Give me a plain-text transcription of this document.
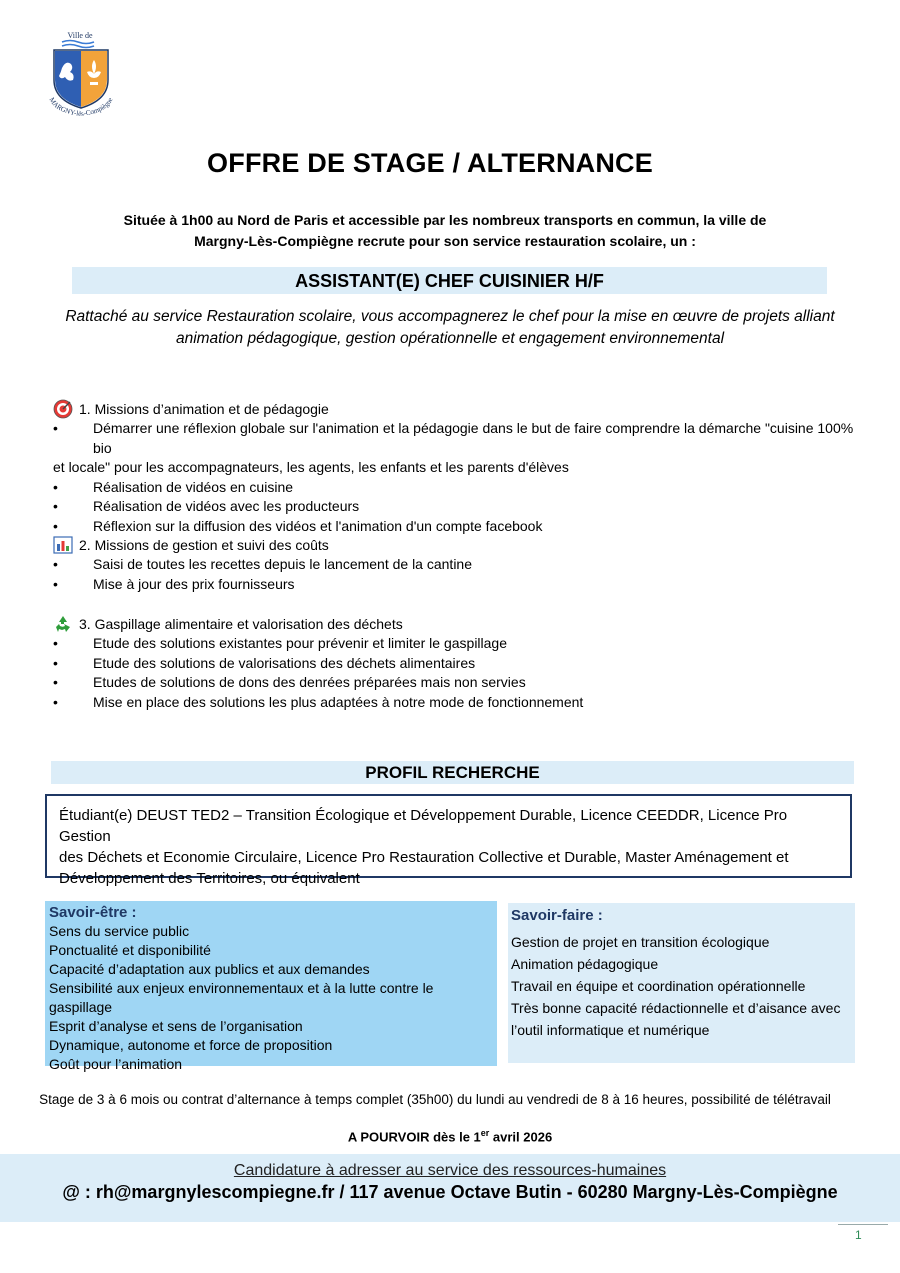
Ville de
MARGNY-lès-Compiègne
OFFRE DE STAGE / ALTERNANCE
Située à 1h00 au Nord de Paris et accessible par les nombreux transports en commun, la ville de
Margny-Lès-Compiègne recrute pour son service restauration scolaire, un :
ASSISTANT(E) CHEF CUISINIER H/F
Rattaché au service Restauration scolaire, vous accompagnerez le chef pour la mise en œuvre de projets alliant
animation pédagogique, gestion opérationnelle et engagement environnemental
1. Missions d’animation et de pédagogie
•	Démarrer une réflexion globale sur l'animation et la pédagogie dans le but de faire comprendre la démarche "cuisine 100% bio
et locale" pour les accompagnateurs, les agents, les enfants et les parents d'élèves
•	Réalisation de vidéos en cuisine
•	Réalisation de vidéos avec les producteurs
•	Réflexion sur la diffusion des vidéos et l'animation d'un compte facebook
2. Missions de gestion et suivi des coûts
•	Saisi de toutes les recettes depuis le lancement de la cantine
•	Mise à jour des prix fournisseurs
3. Gaspillage alimentaire et valorisation des déchets
•	Etude des solutions existantes pour prévenir et limiter le gaspillage
•	Etude des solutions de valorisations des déchets alimentaires
•	Etudes de solutions de dons des denrées préparées mais non servies
•	Mise en place des solutions les plus adaptées à notre mode de fonctionnement
PROFIL RECHERCHE
Étudiant(e) DEUST TED2 – Transition Écologique et Développement Durable, Licence CEEDDR, Licence Pro Gestion
des Déchets et Economie Circulaire, Licence Pro Restauration Collective et Durable, Master Aménagement et
Développement des Territoires, ou équivalent
Savoir-être :
Sens du service public
Ponctualité et disponibilité
Capacité d’adaptation aux publics et aux demandes
Sensibilité aux enjeux environnementaux et à la lutte contre le gaspillage
Esprit d’analyse et sens de l’organisation
Dynamique, autonome et force de proposition
Goût pour l’animation
Savoir-faire :
Gestion de projet en transition écologique
Animation pédagogique
Travail en équipe et coordination opérationnelle
Très bonne capacité rédactionnelle et d’aisance avec
l’outil informatique et numérique
Stage de 3 à 6 mois ou contrat d’alternance à temps complet (35h00) du lundi au vendredi de 8 à 16 heures, possibilité de télétravail
A POURVOIR dès le 1er avril 2026
Candidature à adresser au service des ressources-humaines
@ : rh@margnylescompiegne.fr / 117 avenue Octave Butin - 60280 Margny-Lès-Compiègne
1
